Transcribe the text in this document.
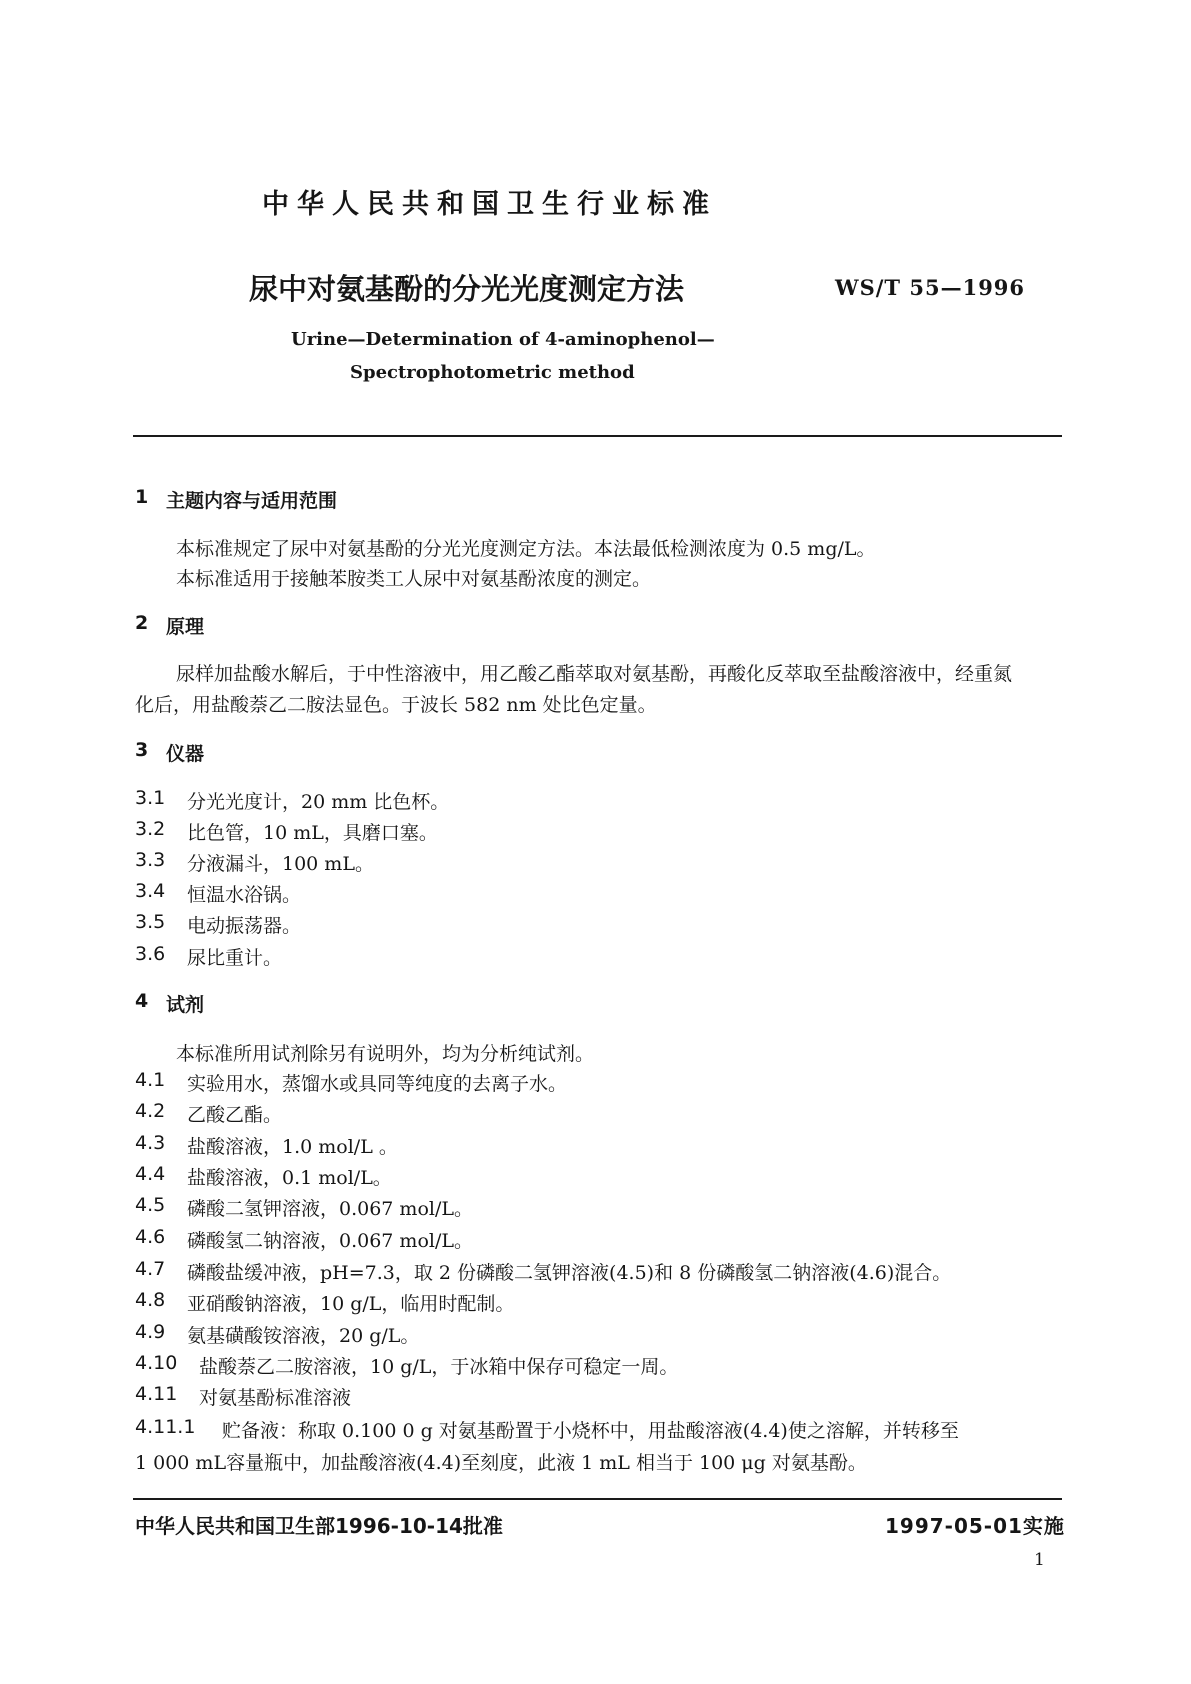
中华人民共和国卫生行业标准
尿中对氨基酚的分光光度测定方法	WS/T 55—1996
Urine—Determination of 4-aminophenol—
Spectrophotometric method
1 主题内容与适用范围
本标准规定了尿中对氨基酚的分光光度测定方法。本法最低检测浓度为 0.5 mg/L。
本标准适用于接触苯胺类工人尿中对氨基酚浓度的测定。
2 原理
尿样加盐酸水解后，于中性溶液中，用乙酸乙酯萃取对氨基酚，再酸化反萃取至盐酸溶液中，经重氮
化后，用盐酸萘乙二胺法显色。于波长 582 nm 处比色定量。
3 仪器
3.1 分光光度计，20 mm 比色杯。
3.2 比色管，10 mL，具磨口塞。
3.3 分液漏斗，100 mL。
3.4 恒温水浴锅。
3.5 电动振荡器。
3.6 尿比重计。
4 试剂
本标准所用试剂除另有说明外，均为分析纯试剂。
4.1 实验用水，蒸馏水或具同等纯度的去离子水。
4.2 乙酸乙酯。
4.3 盐酸溶液，1.0 mol/L 。
4.4 盐酸溶液，0.1 mol/L。
4.5 磷酸二氢钾溶液，0.067 mol/L。
4.6 磷酸氢二钠溶液，0.067 mol/L。
4.7 磷酸盐缓冲液，pH=7.3，取 2 份磷酸二氢钾溶液(4.5)和 8 份磷酸氢二钠溶液(4.6)混合。
4.8 亚硝酸钠溶液，10 g/L，临用时配制。
4.9 氨基磺酸铵溶液，20 g/L。
4.10 盐酸萘乙二胺溶液，10 g/L，于冰箱中保存可稳定一周。
4.11 对氨基酚标准溶液
4.11.1 贮备液：称取 0.100 0 g 对氨基酚置于小烧杯中，用盐酸溶液(4.4)使之溶解，并转移至
1 000 mL容量瓶中，加盐酸溶液(4.4)至刻度，此液 1 mL 相当于 100 μg 对氨基酚。
中华人民共和国卫生部1996-10-14批准	1997-05-01实施
1
